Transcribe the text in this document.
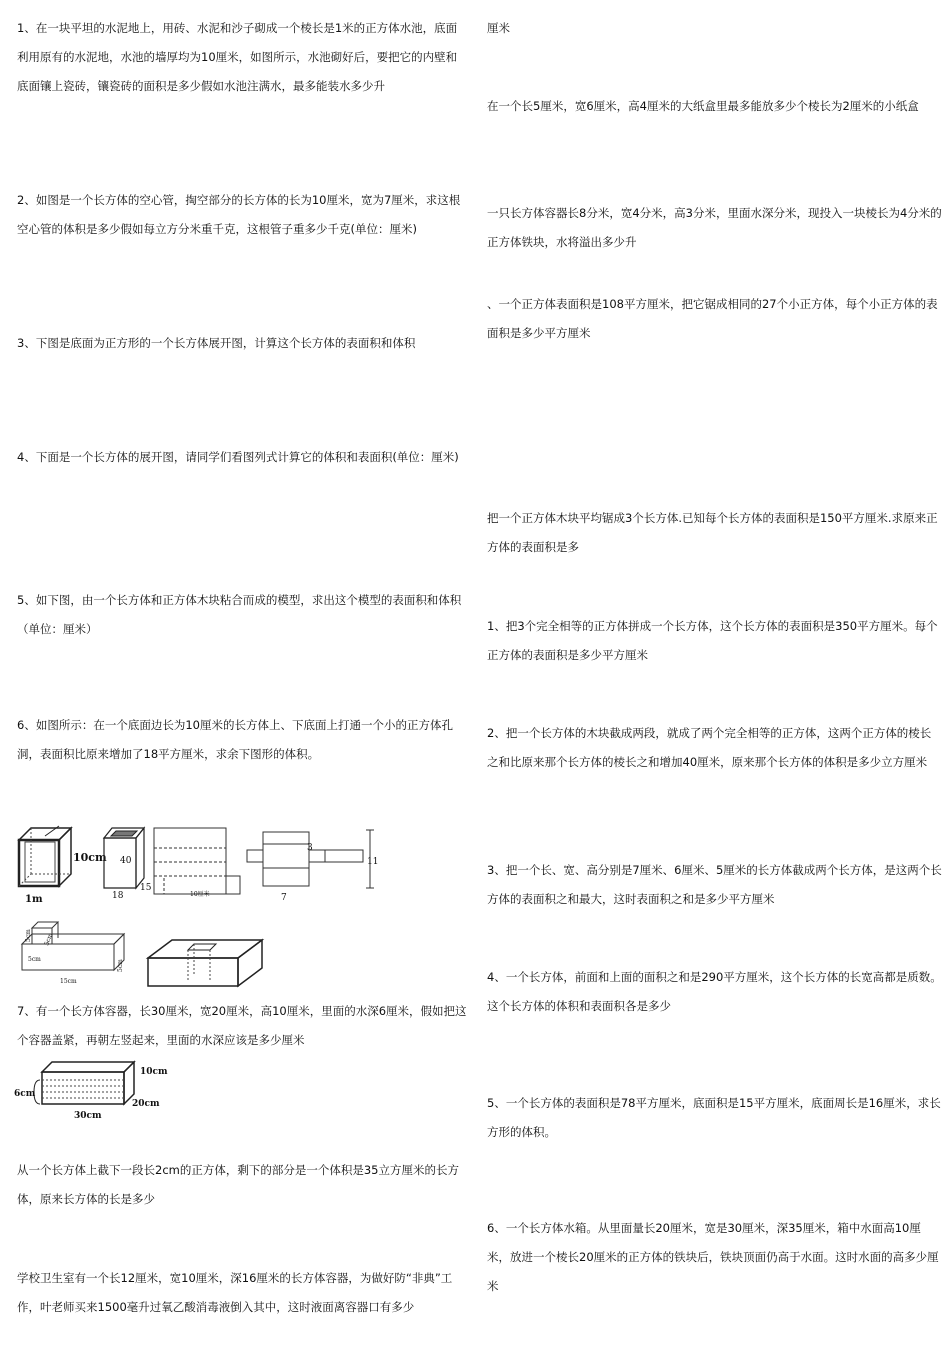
1、在一块平坦的水泥地上，用砖、水泥和沙子砌成一个棱长是1米的正方体水池，底面利用原有的水泥地，水池的墙厚均为10厘米，如图所示，水池砌好后，要把它的内壁和底面镶上瓷砖，镶瓷砖的面积是多少假如水池注满水，最多能装水多少升

2、如图是一个长方体的空心管，掏空部分的长方体的长为10厘米，宽为7厘米，求这根空心管的体积是多少假如每立方分米重千克，这根管子重多少千克(单位：厘米)

3、下图是底面为正方形的一个长方体展开图，计算这个长方体的表面积和体积

4、下面是一个长方体的展开图，请同学们看图列式计算它的体积和表面积(单位：厘米)

5、如下图，由一个长方体和正方体木块粘合而成的模型，求出这个模型的表面积和体积（单位：厘米）

6、如图所示：在一个底面边长为10厘米的长方体上、下底面上打通一个小的正方体孔洞，表面积比原来增加了18平方厘米，求余下图形的体积。

10cm
1m
40
18
15
10厘米
3
11
7
5cm 5cm
5cm	5cm
15cm

7、有一个长方体容器，长30厘米，宽20厘米，高10厘米，里面的水深6厘米，假如把这个容器盖紧，再朝左竖起来，里面的水深应该是多少厘米

10cm
20cm
6cm
30cm

从一个长方体上截下一段长2cm的正方体，剩下的部分是一个体积是35立方厘米的长方体，原来长方体的长是多少

学校卫生室有一个长12厘米，宽10厘米，深16厘米的长方体容器，为做好防“非典”工作，叶老师买来1500毫升过氧乙酸消毒液倒入其中，这时液面离容器口有多少

厘米

在一个长5厘米，宽6厘米，高4厘米的大纸盒里最多能放多少个棱长为2厘米的小纸盒

一只长方体容器长8分米，宽4分米，高3分米，里面水深分米，现投入一块棱长为4分米的正方体铁块，水将溢出多少升

、一个正方体表面积是108平方厘米，把它锯成相同的27个小正方体，每个小正方体的表面积是多少平方厘米

把一个正方体木块平均锯成3个长方体.已知每个长方体的表面积是150平方厘米.求原来正方体的表面积是多

1、把3个完全相等的正方体拼成一个长方体，这个长方体的表面积是350平方厘米。每个正方体的表面积是多少平方厘米

2、把一个长方体的木块截成两段，就成了两个完全相等的正方体，这两个正方体的棱长之和比原来那个长方体的棱长之和增加40厘米，原来那个长方体的体积是多少立方厘米

3、把一个长、宽、高分别是7厘米、6厘米、5厘米的长方体截成两个长方体，是这两个长方体的表面积之和最大，这时表面积之和是多少平方厘米

4、一个长方体，前面和上面的面积之和是290平方厘米，这个长方体的长宽高都是质数。这个长方体的体积和表面积各是多少

5、一个长方体的表面积是78平方厘米，底面积是15平方厘米，底面周长是16厘米，求长方形的体积。

6、一个长方体水箱。从里面量长20厘米，宽是30厘米，深35厘米，箱中水面高10厘米，放进一个棱长20厘米的正方体的铁块后，铁块顶面仍高于水面。这时水面的高多少厘米
